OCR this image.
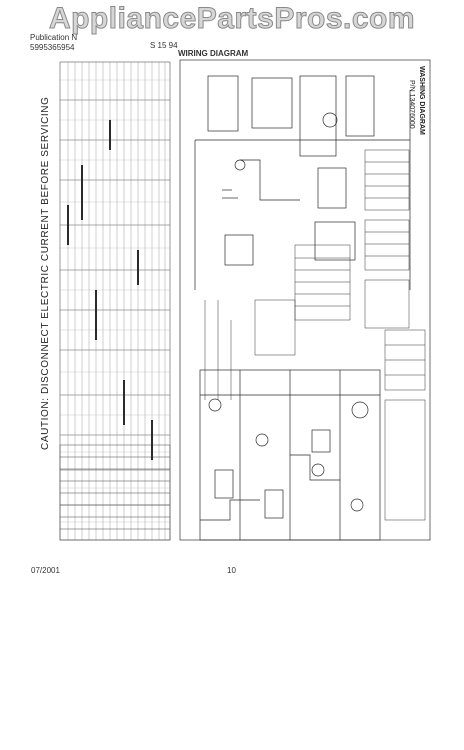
AppliancePartsPros.com
Publication N
5995365954	S 15 94
WIRING DIAGRAM
CAUTION: DISCONNECT ELECTRIC CURRENT BEFORE SERVICING	WASHING DIAGRAM
P/N 134076000
07/2001	10
